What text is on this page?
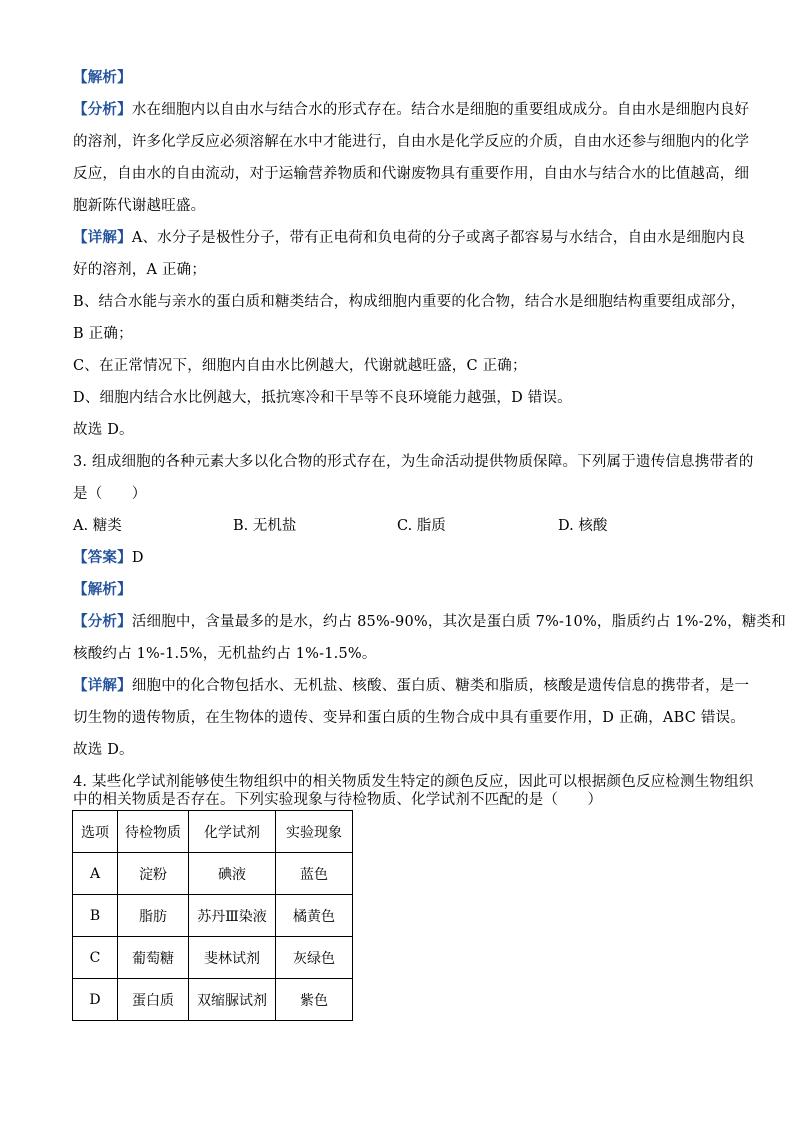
【解析】
【分析】水在细胞内以自由水与结合水的形式存在。结合水是细胞的重要组成成分。自由水是细胞内良好
的溶剂，许多化学反应必须溶解在水中才能进行，自由水是化学反应的介质，自由水还参与细胞内的化学
反应，自由水的自由流动，对于运输营养物质和代谢废物具有重要作用，自由水与结合水的比值越高，细
胞新陈代谢越旺盛。
【详解】A、水分子是极性分子，带有正电荷和负电荷的分子或离子都容易与水结合，自由水是细胞内良
好的溶剂，A 正确；
B、结合水能与亲水的蛋白质和糖类结合，构成细胞内重要的化合物，结合水是细胞结构重要组成部分，
B 正确；
C、在正常情况下，细胞内自由水比例越大，代谢就越旺盛，C 正确；
D、细胞内结合水比例越大，抵抗寒冷和干旱等不良环境能力越强，D 错误。
故选 D。
3. 组成细胞的各种元素大多以化合物的形式存在，为生命活动提供物质保障。下列属于遗传信息携带者的
是（　　）
A. 糖类	B. 无机盐	C. 脂质	D. 核酸
【答案】D
【解析】
【分析】活细胞中，含量最多的是水，约占 85%-90%，其次是蛋白质 7%-10%，脂质约占 1%-2%，糖类和
核酸约占 1%-1.5%，无机盐约占 1%-1.5%。
【详解】细胞中的化合物包括水、无机盐、核酸、蛋白质、糖类和脂质，核酸是遗传信息的携带者，是一
切生物的遗传物质，在生物体的遗传、变异和蛋白质的生物合成中具有重要作用，D 正确，ABC 错误。
故选 D。
4. 某些化学试剂能够使生物组织中的相关物质发生特定的颜色反应，因此可以根据颜色反应检测生物组织
中的相关物质是否存在。下列实验现象与待检物质、化学试剂不匹配的是（　　）
选项	待检物质	化学试剂	实验现象
A	淀粉	碘液	蓝色
B	脂肪	苏丹Ⅲ染液	橘黄色
C	葡萄糖	斐林试剂	灰绿色
D	蛋白质	双缩脲试剂	紫色
